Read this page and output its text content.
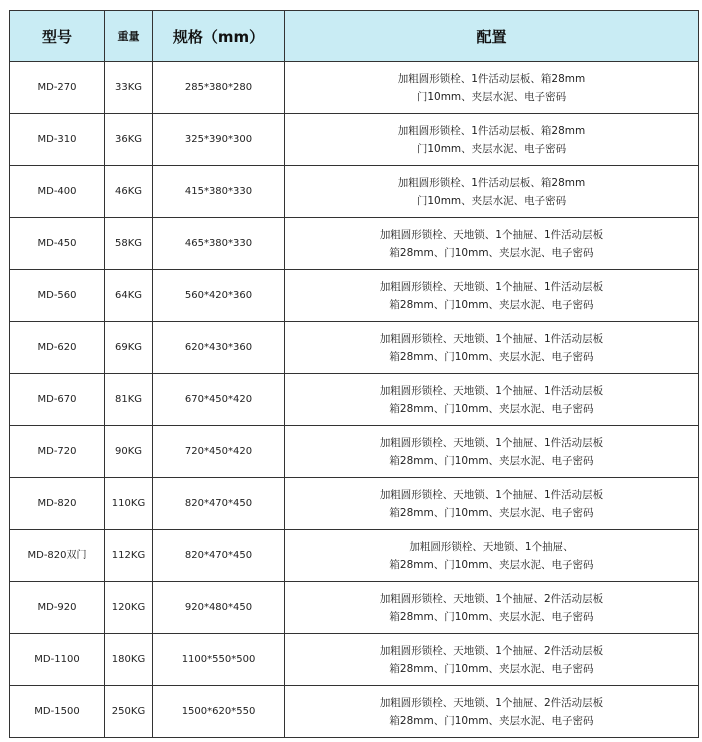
型号	重量	规格（mm）	配置
MD-270	33KG	285*380*280	加粗圆形锁栓、1件活动层板、箱28mm
门10mm、夹层水泥、电子密码

MD-310	36KG	325*390*300	加粗圆形锁栓、1件活动层板、箱28mm
门10mm、夹层水泥、电子密码

MD-400	46KG	415*380*330	加粗圆形锁栓、1件活动层板、箱28mm
门10mm、夹层水泥、电子密码

MD-450	58KG	465*380*330	加粗圆形锁栓、天地锁、1个抽屉、1件活动层板
箱28mm、门10mm、夹层水泥、电子密码

MD-560	64KG	560*420*360	加粗圆形锁栓、天地锁、1个抽屉、1件活动层板
箱28mm、门10mm、夹层水泥、电子密码

MD-620	69KG	620*430*360	加粗圆形锁栓、天地锁、1个抽屉、1件活动层板
箱28mm、门10mm、夹层水泥、电子密码

MD-670	81KG	670*450*420	加粗圆形锁栓、天地锁、1个抽屉、1件活动层板
箱28mm、门10mm、夹层水泥、电子密码

MD-720	90KG	720*450*420	加粗圆形锁栓、天地锁、1个抽屉、1件活动层板
箱28mm、门10mm、夹层水泥、电子密码

MD-820	110KG	820*470*450	加粗圆形锁栓、天地锁、1个抽屉、1件活动层板
箱28mm、门10mm、夹层水泥、电子密码

MD-820双门	112KG	820*470*450	加粗圆形锁栓、天地锁、1个抽屉、
箱28mm、门10mm、夹层水泥、电子密码

MD-920	120KG	920*480*450	加粗圆形锁栓、天地锁、1个抽屉、2件活动层板
箱28mm、门10mm、夹层水泥、电子密码

MD-1100	180KG	1100*550*500	加粗圆形锁栓、天地锁、1个抽屉、2件活动层板
箱28mm、门10mm、夹层水泥、电子密码

MD-1500	250KG	1500*620*550	加粗圆形锁栓、天地锁、1个抽屉、2件活动层板
箱28mm、门10mm、夹层水泥、电子密码
